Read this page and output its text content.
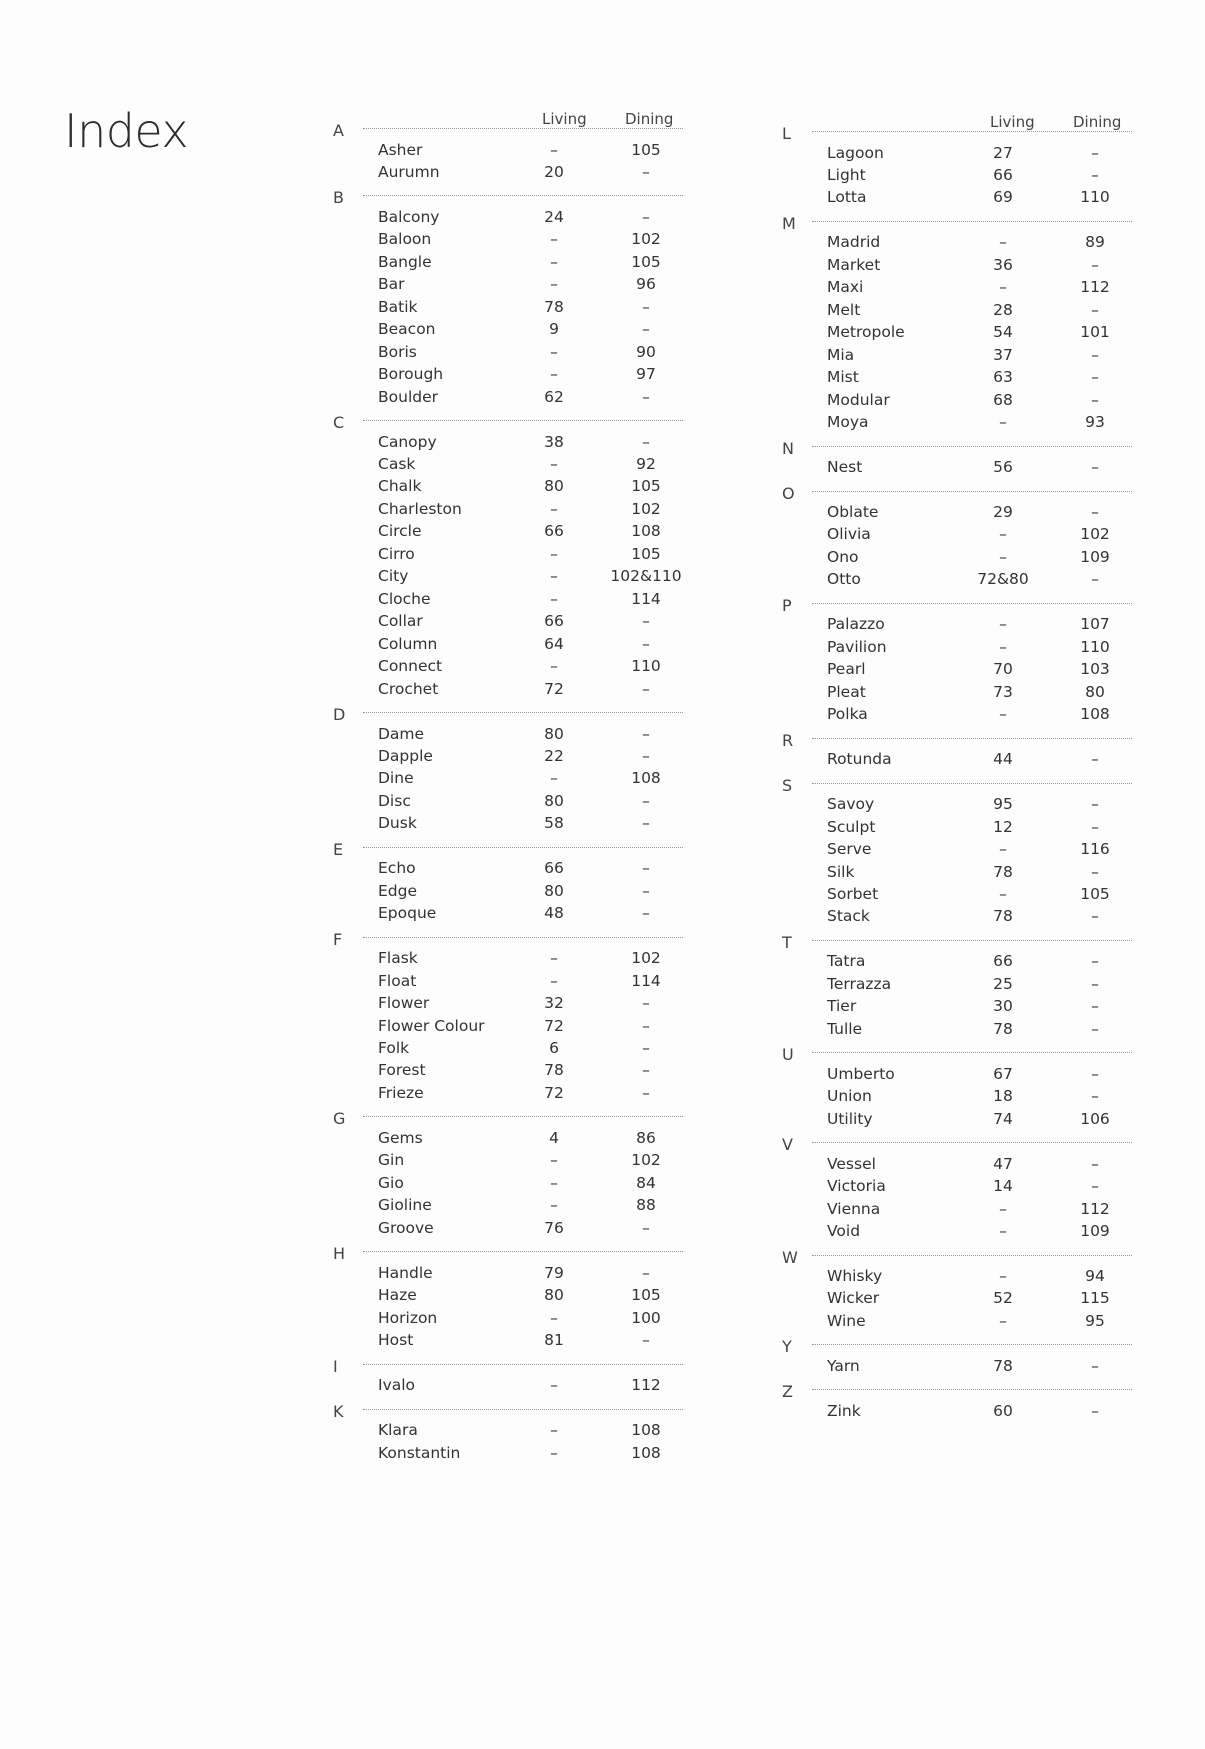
Index	Living	Dining
A
Asher	–	105
Aurumn	20	–
B
Balcony	24	–
Baloon	–	102
Bangle	–	105
Bar	–	96
Batik	78	–
Beacon	9	–
Boris	–	90
Borough	–	97
Boulder	62	–
C
Canopy	38	–
Cask	–	92
Chalk	80	105
Charleston	–	102
Circle	66	108
Cirro	–	105
City	–	102&110
Cloche	–	114
Collar	66	–
Column	64	–
Connect	–	110
Crochet	72	–
D
Dame	80	–
Dapple	22	–
Dine	–	108
Disc	80	–
Dusk	58	–
E
Echo	66	–
Edge	80	–
Epoque	48	–
F
Flask	–	102
Float	–	114
Flower	32	–
Flower Colour	72	–
Folk	6	–
Forest	78	–
Frieze	72	–
G
Gems	4	86
Gin	–	102
Gio	–	84
Gioline	–	88
Groove	76	–
H
Handle	79	–
Haze	80	105
Horizon	–	100
Host	81	–
I
Ivalo	–	112
K
Klara	–	108
Konstantin	–	108
Living	Dining
L
Lagoon	27	–
Light	66	–
Lotta	69	110
M
Madrid	–	89
Market	36	–
Maxi	–	112
Melt	28	–
Metropole	54	101
Mia	37	–
Mist	63	–
Modular	68	–
Moya	–	93
N
Nest	56	–
O
Oblate	29	–
Olivia	–	102
Ono	–	109
Otto	72&80	–
P
Palazzo	–	107
Pavilion	–	110
Pearl	70	103
Pleat	73	80
Polka	–	108
R
Rotunda	44	–
S
Savoy	95	–
Sculpt	12	–
Serve	–	116
Silk	78	–
Sorbet	–	105
Stack	78	–
T
Tatra	66	–
Terrazza	25	–
Tier	30	–
Tulle	78	–
U
Umberto	67	–
Union	18	–
Utility	74	106
V
Vessel	47	–
Victoria	14	–
Vienna	–	112
Void	–	109
W
Whisky	–	94
Wicker	52	115
Wine	–	95
Y
Yarn	78	–
Z
Zink	60	–
